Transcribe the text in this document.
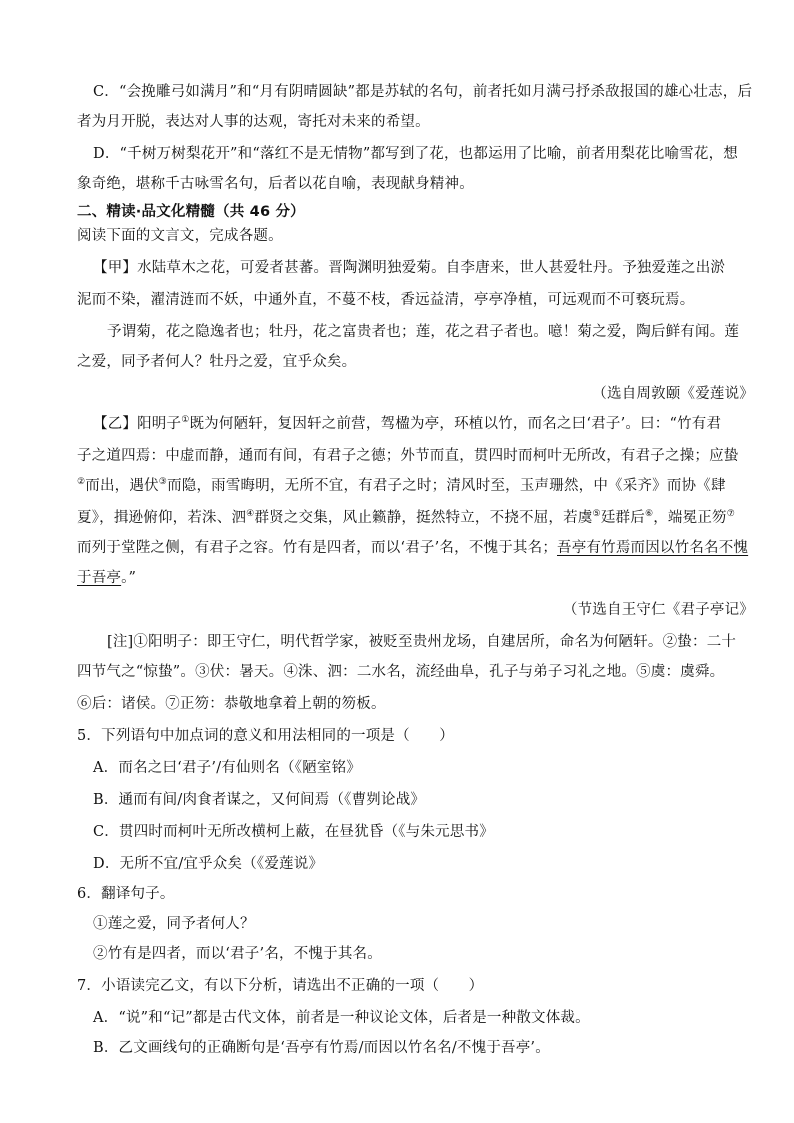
C．“会挽雕弓如满月”和“月有阴晴圆缺”都是苏轼的名句，前者托如月满弓抒杀敌报国的雄心壮志，后
者为月开脱，表达对人事的达观，寄托对未来的希望。
D．“千树万树梨花开”和“落红不是无情物”都写到了花，也都运用了比喻，前者用梨花比喻雪花，想
象奇绝，堪称千古咏雪名句，后者以花自喻，表现献身精神。
二、精读·品文化精髓（共 46 分）
阅读下面的文言文，完成各题。
【甲】水陆草木之花，可爱者甚蕃。晋陶渊明独爱菊。自李唐来，世人甚爱牡丹。予独爱莲之出淤
泥而不染，濯清涟而不妖，中通外直，不蔓不枝，香远益清，亭亭净植，可远观而不可亵玩焉。
予谓菊，花之隐逸者也；牡丹，花之富贵者也；莲，花之君子者也。噫！菊之爱，陶后鲜有闻。莲
之爱，同予者何人？牡丹之爱，宜乎众矣。
（选自周敦颐《爱莲说》
【乙】阳明子①既为何陋轩，复因轩之前营，驾楹为亭，环植以竹，而名之曰‘君子’。曰：“竹有君
子之道四焉：中虚而静，通而有间，有君子之德；外节而直，贯四时而柯叶无所改，有君子之操；应蛰
②而出，遇伏③而隐，雨雪晦明，无所不宜，有君子之时；清风时至，玉声珊然，中《采齐》而协《肆
夏》，揖逊俯仰，若洙、泗④群贤之交集，风止籁静，挺然特立，不挠不屈，若虞⑤廷群后⑥，端冕正笏⑦
而列于堂陛之侧，有君子之容。竹有是四者，而以‘君子’名，不愧于其名；吾亭有竹焉而因以竹名名不愧
于吾亭。”
（节选自王守仁《君子亭记》
[注]①阳明子：即王守仁，明代哲学家，被贬至贵州龙场，自建居所，命名为何陋轩。②蛰：二十
四节气之“惊蛰”。③伏：暑天。④洙、泗：二水名，流经曲阜，孔子与弟子习礼之地。⑤虞：虞舜。
⑥后：诸侯。⑦正笏：恭敬地拿着上朝的笏板。
5．下列语句中加点词的意义和用法相同的一项是（　　）
A．而名之曰‘君子’/有仙则名（《陋室铭》
B．通而有间/肉食者谋之，又何间焉（《曹刿论战》
C．贯四时而柯叶无所改横柯上蔽，在昼犹昏（《与朱元思书》
D．无所不宜/宜乎众矣（《爱莲说》
6．翻译句子。
①莲之爱，同予者何人？
②竹有是四者，而以‘君子’名，不愧于其名。
7．小语读完乙文，有以下分析，请选出不正确的一项（　　）
A．“说”和“记”都是古代文体，前者是一种议论文体，后者是一种散文体裁。
B．乙文画线句的正确断句是‘吾亭有竹焉/而因以竹名名/不愧于吾亭’。
